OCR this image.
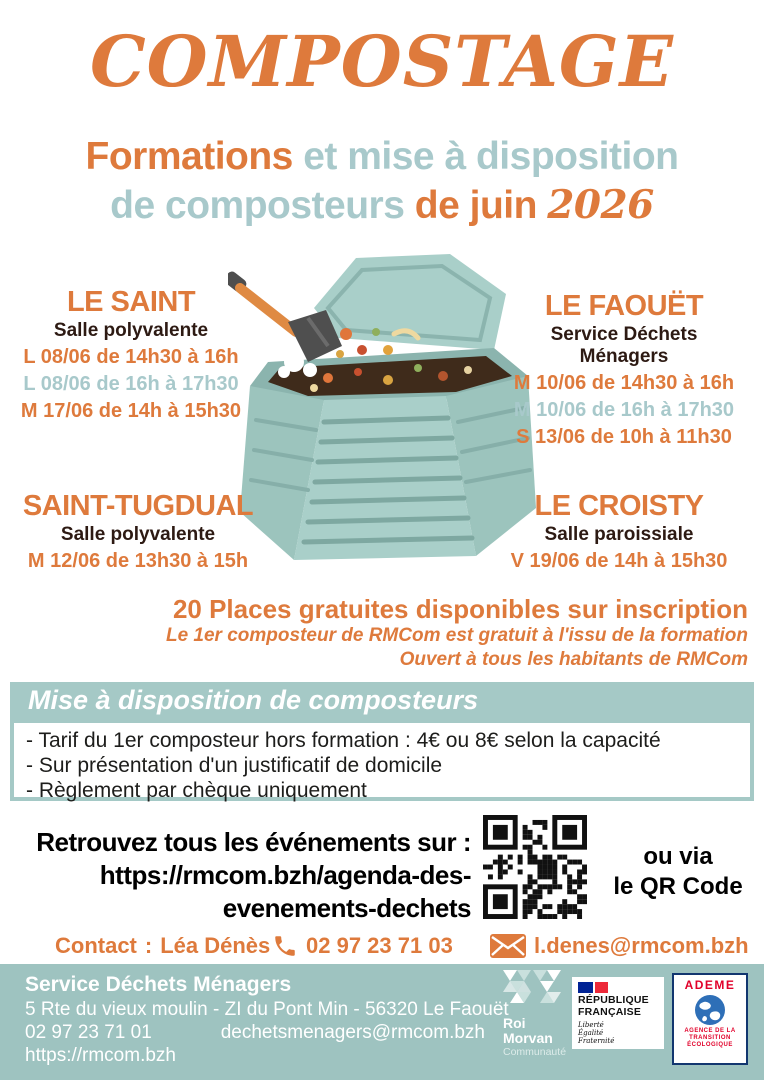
COMPOSTAGE
Formations et mise à disposition
de composteurs de juin 2026
LE SAINT
Salle polyvalente
L 08/06 de 14h30 à 16h
L 08/06 de 16h à 17h30
M 17/06 de 14h à 15h30
LE FAOUËT
Service Déchets Ménagers
M 10/06 de 14h30 à 16h
M 10/06 de 16h à 17h30
S 13/06 de 10h à 11h30
SAINT-TUGDUAL
Salle polyvalente
M 12/06 de 13h30 à 15h
LE CROISTY
Salle paroissiale
V 19/06 de 14h à 15h30
20 Places gratuites disponibles sur inscription
Le 1er composteur de RMCom est gratuit à l'issu de la formation
Ouvert à tous les habitants de RMCom
Mise à disposition de composteurs
- Tarif du 1er composteur hors formation : 4€ ou 8€ selon la capacité
- Sur présentation d'un justificatif de domicile
- Règlement par chèque uniquement
Retrouvez tous les événements sur :
https://rmcom.bzh/agenda-des-
evenements-dechets
ou via
le QR Code
Contact : Léa Dénès 02 97 23 71 03	l.denes@rmcom.bzh
Service Déchets Ménagers
5 Rte du vieux moulin - ZI du Pont Min - 56320 Le Faouët
02 97 23 71 01	dechetsmenagers@rmcom.bzh
https://rmcom.bzh
Roi
Morvan
Communauté
RÉPUBLIQUE
FRANÇAISE
Liberté
Égalité
Fraternité
ADEME
AGENCE DE LA
TRANSITION
ÉCOLOGIQUE
